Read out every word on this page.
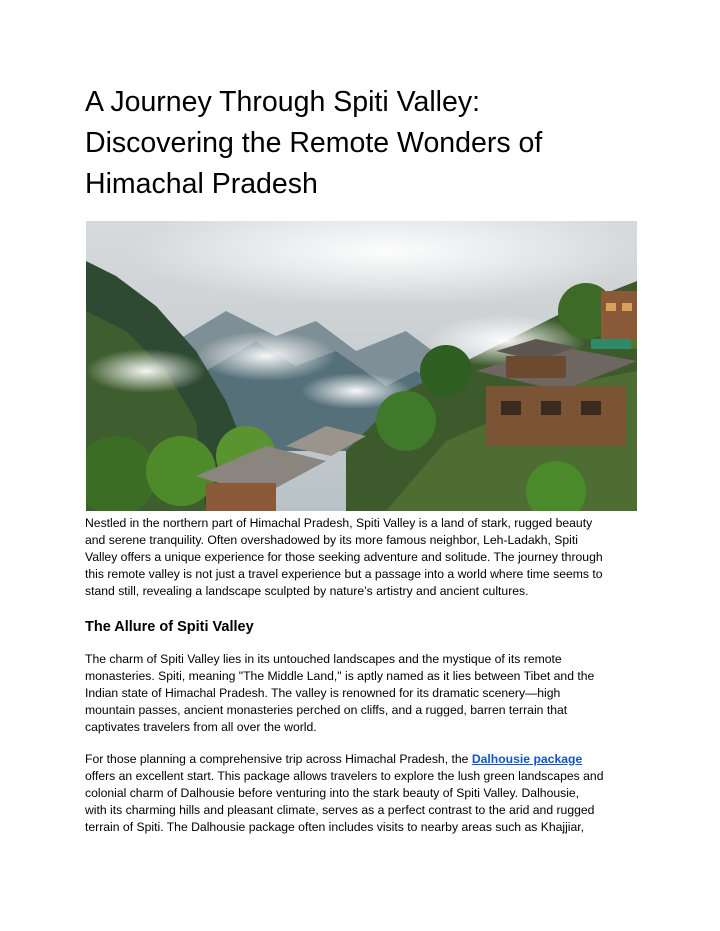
A Journey Through Spiti Valley:
Discovering the Remote Wonders of
Himachal Pradesh
Nestled in the northern part of Himachal Pradesh, Spiti Valley is a land of stark, rugged beauty
and serene tranquility. Often overshadowed by its more famous neighbor, Leh-Ladakh, Spiti
Valley offers a unique experience for those seeking adventure and solitude. The journey through
this remote valley is not just a travel experience but a passage into a world where time seems to
stand still, revealing a landscape sculpted by nature’s artistry and ancient cultures.
The Allure of Spiti Valley
The charm of Spiti Valley lies in its untouched landscapes and the mystique of its remote
monasteries. Spiti, meaning "The Middle Land," is aptly named as it lies between Tibet and the
Indian state of Himachal Pradesh. The valley is renowned for its dramatic scenery—high
mountain passes, ancient monasteries perched on cliffs, and a rugged, barren terrain that
captivates travelers from all over the world.
For those planning a comprehensive trip across Himachal Pradesh, the Dalhousie package
offers an excellent start. This package allows travelers to explore the lush green landscapes and
colonial charm of Dalhousie before venturing into the stark beauty of Spiti Valley. Dalhousie,
with its charming hills and pleasant climate, serves as a perfect contrast to the arid and rugged
terrain of Spiti. The Dalhousie package often includes visits to nearby areas such as Khajjiar,
